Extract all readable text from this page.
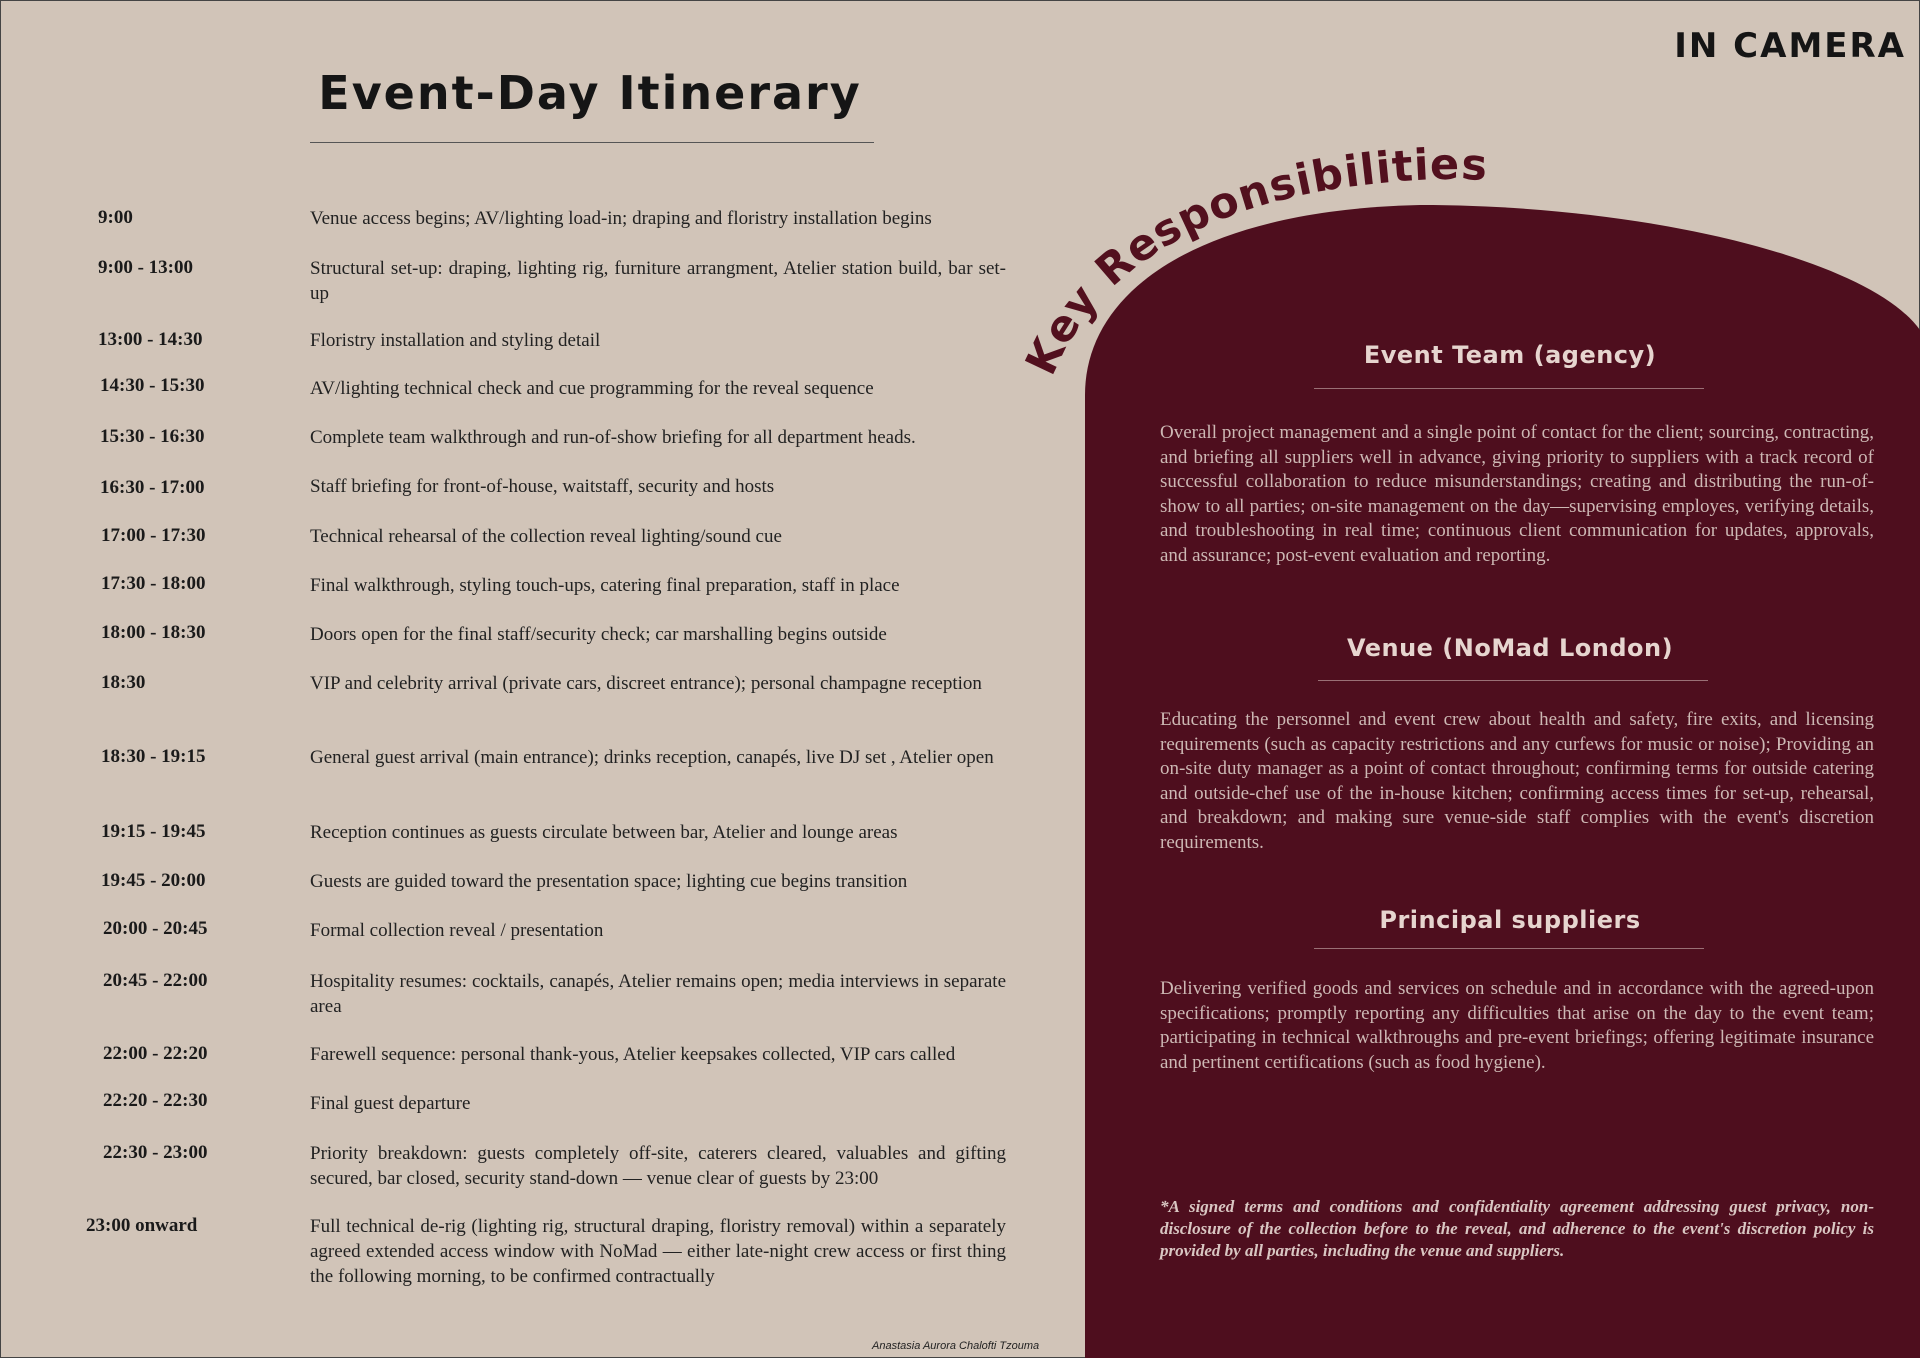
Key Responsibilities
IN CAMERA
Event-Day Itinerary
9:00	Venue access begins; AV/lighting load-in; draping and floristry installation begins
9:00 - 13:00	Structural set-up: draping, lighting rig, furniture arrangment, Atelier station build, bar set-up
13:00 - 14:30	Floristry installation and styling detail
14:30 - 15:30	AV/lighting technical check and cue programming for the reveal sequence
15:30 - 16:30	Complete team walkthrough and run-of-show briefing for all department heads.
16:30 - 17:00	Staff briefing for front-of-house, waitstaff, security and hosts
17:00 - 17:30	Technical rehearsal of the collection reveal lighting/sound cue
17:30 - 18:00	Final walkthrough, styling touch-ups, catering final preparation, staff in place
18:00 - 18:30	Doors open for the final staff/security check; car marshalling begins outside
18:30	VIP and celebrity arrival (private cars, discreet entrance); personal champagne reception
18:30 - 19:15	General guest arrival (main entrance); drinks reception, canapés, live DJ set , Atelier open
19:15 - 19:45	Reception continues as guests circulate between bar, Atelier and lounge areas
19:45 - 20:00	Guests are guided toward the presentation space; lighting cue begins transition
20:00 - 20:45	Formal collection reveal / presentation
20:45 - 22:00	Hospitality resumes: cocktails, canapés, Atelier remains open; media interviews in separate area
22:00 - 22:20	Farewell sequence: personal thank-yous, Atelier keepsakes collected, VIP cars called
22:20 - 22:30	Final guest departure
22:30 - 23:00	Priority breakdown: guests completely off-site, caterers cleared, valuables and gifting secured, bar closed, security stand-down — venue clear of guests by 23:00
23:00 onward	Full technical de-rig (lighting rig, structural draping, floristry removal) within a separately agreed extended access window with NoMad — either late-night crew access or first thing the following morning, to be confirmed contractually
Event Team (agency)
Overall project management and a single point of contact for the client; sourcing, contracting, and briefing all suppliers well in advance, giving priority to suppliers with a track record of successful collaboration to reduce misunderstandings; creating and distributing the run-of-show to all parties; on-site management on the day—supervising employes, verifying details, and troubleshooting in real time; continuous client communication for updates, approvals, and assurance; post-event evaluation and reporting.
Venue (NoMad London)
Educating the personnel and event crew about health and safety, fire exits, and licensing requirements (such as capacity restrictions and any curfews for music or noise); Providing an on-site duty manager as a point of contact throughout; confirming terms for outside catering and outside-chef use of the in-house kitchen; confirming access times for set-up, rehearsal, and breakdown; and making sure venue-side staff complies with the event's discretion requirements.
Principal suppliers
Delivering verified goods and services on schedule and in accordance with the agreed-upon specifications; promptly reporting any difficulties that arise on the day to the event team; participating in technical walkthroughs and pre-event briefings; offering legitimate insurance and pertinent certifications (such as food hygiene).
*A signed terms and conditions and confidentiality agreement addressing guest privacy, non-disclosure of the collection before to the reveal, and adherence to the event's discretion policy is provided by all parties, including the venue and suppliers.
Anastasia Aurora Chalofti Tzouma
